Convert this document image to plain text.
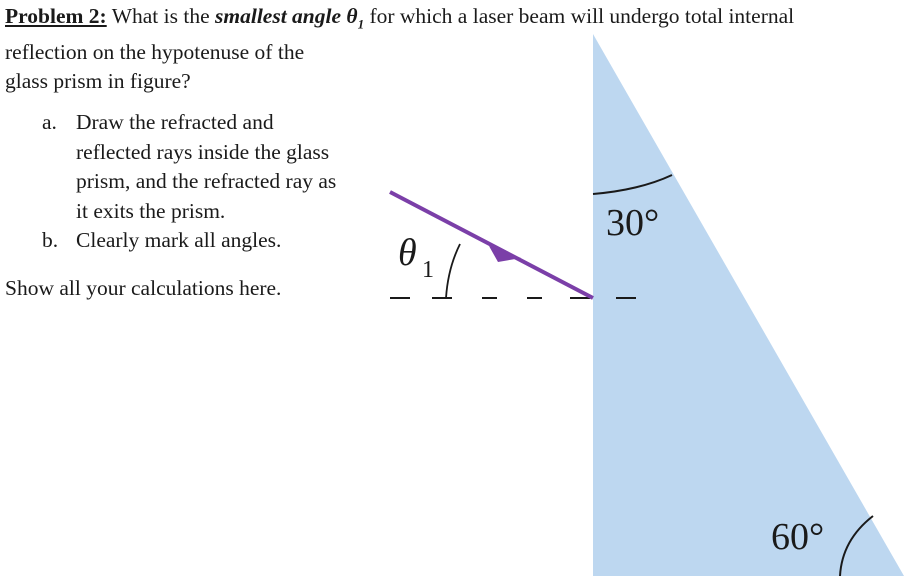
Problem 2: What is the smallest angle $\theta_1$ for which a laser beam will undergo total internal
reflection on the hypotenuse of the
glass prism in figure?

a. Draw the refracted and
reflected rays inside the glass
prism, and the refracted ray as
it exits the prism.
b. Clearly mark all angles.

Show all your calculations here.

θ 1
30°
60°
